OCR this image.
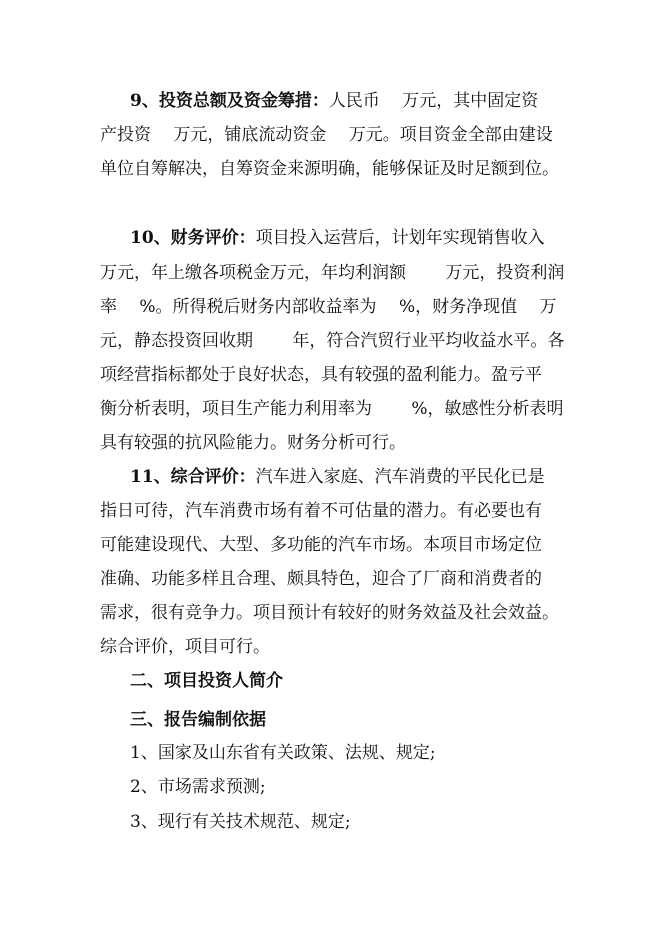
9、投资总额及资金筹措：人民币　 万元，其中固定资
产投资　 万元，铺底流动资金　 万元。项目资金全部由建设
单位自筹解决，自筹资金来源明确，能够保证及时足额到位。
10、财务评价：项目投入运营后，计划年实现销售收入
万元，年上缴各项税金万元，年均利润额　 　万元，投资利润
率　 %。所得税后财务内部收益率为　 %，财务净现值　 万
元，静态投资回收期　 　年，符合汽贸行业平均收益水平。各
项经营指标都处于良好状态，具有较强的盈利能力。盈亏平
衡分析表明，项目生产能力利用率为　 　%，敏感性分析表明
具有较强的抗风险能力。财务分析可行。
11、综合评价：汽车进入家庭、汽车消费的平民化已是
指日可待，汽车消费市场有着不可估量的潜力。有必要也有
可能建设现代、大型、多功能的汽车市场。本项目市场定位
准确、功能多样且合理、颇具特色，迎合了厂商和消费者的
需求，很有竞争力。项目预计有较好的财务效益及社会效益。
综合评价，项目可行。
二、项目投资人简介
三、报告编制依据
1、国家及山东省有关政策、法规、规定;
2、市场需求预测;
3、现行有关技术规范、规定;
